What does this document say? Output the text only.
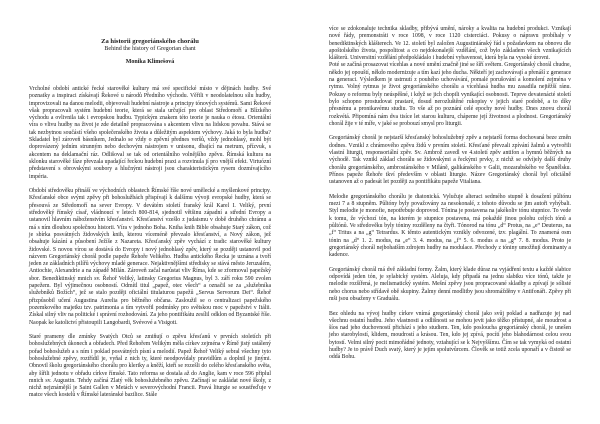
Za historii gregoriánského chorálu
Behind the history of Gregorian chant
Monika Klimešová

Vrcholné období antické řecké starověké kultury má své specifické místo v dějinách hudby. Své poznatky a inspiraci získávají Řekové u národů Předního východu. Věřili v neodolatelnou sílu hudby, improvizovali na danou melodii, objevovali hudební nástroje a principy tónových systémů. Sami Řekové však propracovali systém hudební teorie, která se stala určující pro oblast Středomoří a Blízkého východu a ovlivnila tak i evropskou hudbu. Typickým znakem této teorie je nauka o étosu. Orientální víra o vlivu hudby na život je zde detailně propracována s akcentem vlivu na lidskou povahu. Stává se tak nezbytnou součástí všeho společenského života a důležitým aspektem výchovy. Jaká to byla hudba? Skladatel byl zároveň básníkem, Jednalo se vždy o zpěvní přednes veršů, vždy jednohlasý, mohl být doprovázený jedním strunným nebo dechovým nástrojem v unisonu, dbající na metrum, přízvuk, s akcentem na deklamační ráz. Odlišoval se tak od orientálního volnějšího zpěvu. Římská kultura na sklonku starověké fáze převzala upadající řeckou hudební praxi a rozvinula jí pro vnější efekt. Virtuózní představení s obrovskými soubory a hlučnými nástroji jsou charakteristickým rysem dozmívajícího impéria.

Období středověku přináší ve východních oblastech Římské říše nové umělecké a myšlenkové principy. Křesťanské obce svými zpěvy při bohoslužbách přispívají k dalšímu vývoji evropské hudby, která se přesouvá ze Středomoří na sever Evropy. V devátém století franský král Karel I. Veliký, první středověký římský císař, vládnoucí v letech 800-814, sjednotil většinu západní a střední Evropy a ustanovil hlavním náboženstvím křesťanství. Křesťanství vzešlo z judaismu v době druhého chrámu a má s ním dlouhou společnou historii. Víra v jednoho Boha. Kniha knih Bible obsahuje Starý zákon, což je sbírka posvátných židovských knih, kterou víceméně převzalo křesťanství, a Nový zákon, jež obsahuje kázání a působení Ježíše z Nazareta. Křesťanský zpěv vychází z tradic starověké kultury židovské. S novou vírou se dostává do Evropy i nový jednohlasý zpěv, který se později ustanovil pod názvem Gregoriánský chorál podle papeže Řehoře Velikého. Hudba antického Řecka je uznána a tvoří jeden ze základních pilířů výchovy mladé generace. Nejaktivnějšími středisky se stává město Jeruzalém, Antiochie, Alexandrie a na západě Milán. Zároveň začal narůstat vliv Říma, kde se zformoval papežský sbor. Benediktinský mnich sv. Řehoř Veliký, latinsky Gregorius Magnus, byl 3. září roku 590 zvolen papežem. Byl výjimečnou osobností. Odmítl titul „papež, otec všech“ a označil se za „služebníka služebníků Božích“, jež se stalo později oficiální titulaturou papežů „Servus Servorum Dei“. Řehoř přizpůsobil učení Augustina Aurelia pro běžného občana. Zasloužil se o centralizaci papežského pozemkového majetku tzv. patrimonia a tím vytvořil podmínky pro světskou moc v papežství v Itálii. Získal silný vliv na politické i správní rozhodování. Za jeho pontifikátu zesílil odklon od Byzantské říše. Naopak ke katolictví přistoupili Langobardi, Svévové a Visigoti.

Staré prameny dle zmínky Svatých Otců se zmiňují o zpěvu křesťanů v prvních stoletích při bohoslužebných úkonech a obřadech. Před Řehořem Velikým měla církev zejména v Římě jistý ustálený pořad bohoslužeb a s ním i poklad posvátných písní a melodií. Papež Řehoř Veliký sebral všechny tyto bohoslužebné zpěvy, roztřídil je, vyňal z nich ty, které neodpovídaly pravidlům a doplnil je jinými. Obnovil školu gregoriánského chorálu pro kleriky a kněží, kteří se rozešli do celého křesťanského světa, aby šířili jednotu v obřadu církve římské. Tato reforma se dostala až do Anglie, kam v roce 596 připlul mnich sv. Augustin. Tehdy začíná Zlatý věk bohoslužebného zpěvu. Začínají se zakládat nové školy, z nichž nejznámější je Saint Gallen v Metách v severovýchodní Francii. Pravá liturgie se soustřeďuje v matce všech kostelů v Římské lateránské bazilice. Stále

více se zdokonaluje technika skladby, přibývá umění, nároky a kvalita na hudební produkci. Vznikají nové řády, premonstráti v roce 1098, v roce 1120 cisterciáci. Pokusy o nápravu probíhaly v benediktinských klášterech. Ve 12. století byl založen Augustiniánský řád s požadavkem na obnovu dle apoštolského života, pospolitost a co nejdokonalejší vzdělání, což bylo základem všech vznikajících klášterů. Universitní vzdělání předpokládalo i hudební vybavenost, která byla na vysoké úrovni.

Poté se začíná prosazovat vícehlas a nové umění značně jiné se šíří světem. Gregoriánský chorál chudne, někdo jej opouští, někdo modernizuje a tím kazí jeho ducha. Někteří jej zachovávají a přenáší z generace na generaci. Výsledkem je ustrnutí z pouhého uchovávání, pomalé porušování a komolení zejména v rytmu. Volný rytmus je život gregoriánského chorálu a vícehlasá hudba mu zasadila nejtěžší ránu. Pokusy o reformu byly neúspěšné, i když se jich chopili vynikající osobnosti. Teprve devatenácté století bylo schopno prostudovat prastaré, dosud nerozluštěné rukopisy v jejich staré podobě, a to díky přesnému a pronikavému studiu. To vše až po poznání celé epochy nové hudby. Dnes znovu chorál rozkvétá. Připomíná nám dva tisíce let starou kulturu, chápeme její životnost a plodnost. Gregoriánský chorál žije v té míře, v jaké se probouzí smysl pro liturgii.

Gregoriánský chorál je nejstarší křesťanský bohoslužebný zpěv a nejstarší forma dochovaná beze změn dodnes. Vznikl z chrámového zpěvu židů v prvním století. Křesťané převzali zpívání žalmů a vytvořili vlastní liturgii, responsoriální zpěv. Sv. Ambrož zavedl ve 4.století zpěv antifon a hymnů běžných na východě. Tak vznikl základ chorálu se židovskými a řeckými prvky, z nichž se odvíjely další druhy chorálu gregoriánského, ambrosiánského v Miláně, galikánského v Galii, mozarabského ve Španělsku. Přínos papeže Řehoře tkví především v oblasti liturgie. Název Gregoriánský chorál byl oficiálně ustanoven až o padesát let později za pontifikátu papeže Vitaliana.

Melodie gregoriánského chorálu je diatonická. Vylučuje alteraci sedmého stupně k dosažení půltónu mezi 7 a 8 stupněm. Půltóny byly považovány za nesokonalé, z tohoto důvodu se jim autoři vyhýbali. Styl melodie je monofie, nepotřebuje doprovod. Tónina je postavena na jakékoliv tónu stupnice. To vede k tomu, že výchozí tón, na kterém je stupnice postavena, má pokaždé jinou polohu celých tónů a půltónů. Ve středověku byly tóniny rozděleny na čtyři. Tónorod na tónu „d“ Protus, na „e“ Deuterus, na „f“ Tritus a na „g“ Tetrardus. K těmto autentickým vznikly odvozené, tzv. plagální. To znamená osm tónin na „d“ 1. 2. modus, na „e“ 3. 4. modus, na „f“ 5. 6. modus a na „g“ 7. 8. modus. Proto je gregoriánský chorál nejbohatším zdrojem hudby na modulace. Přechody z tóniny umožňují dominanty a kadence.

Gregoriánský chorál má dvě základní formy. Žalm, který klade důraz na vyjádření textu a každé slabice odpovídá jeden tón, je sylabický systém. Aleluja, kdy připadá na jednu slabiku více tónů, takže je melodie rozšířená, je melismatický systém. Mešní zpěvy jsou propracované skladby a zpívají je sólisté nebo chorus nebo střídavě obě skupiny. Žalmy denní modlitby jsou shromážděny v Antifonáři. Zpěvy při mši jsou obsaženy v Graduálu.

Bez ohledu na vývoj hudby církev vnímá gregoriánský chorál jako svůj poklad a nadřazuje jej nad všechnu ostatní hudbu. Jeho vlastnosti a odlišnosti se mohou jevit jako těžko přístupné, ale moudrost a šíos nad jeho duchovností přichází s jeho studiem. Ten, kdo posloucha gregoriánský chorál, je unešen jeho starobylostí, klidem, moudrostí a krásou. Ten, kdo jej zpívá, pocítí jeho blahodárnost celou svou bytostí. Velmi silný pocit mimořádné jednoty, vztahující se k Nejvyššímu. Čím se tak vymyká od ostatní hudby? Je to právě Duch svatý, který je jejím spolutvůrcem. Člověk se totiž zcela uponaří a v čistotě se oddá Bohu.
